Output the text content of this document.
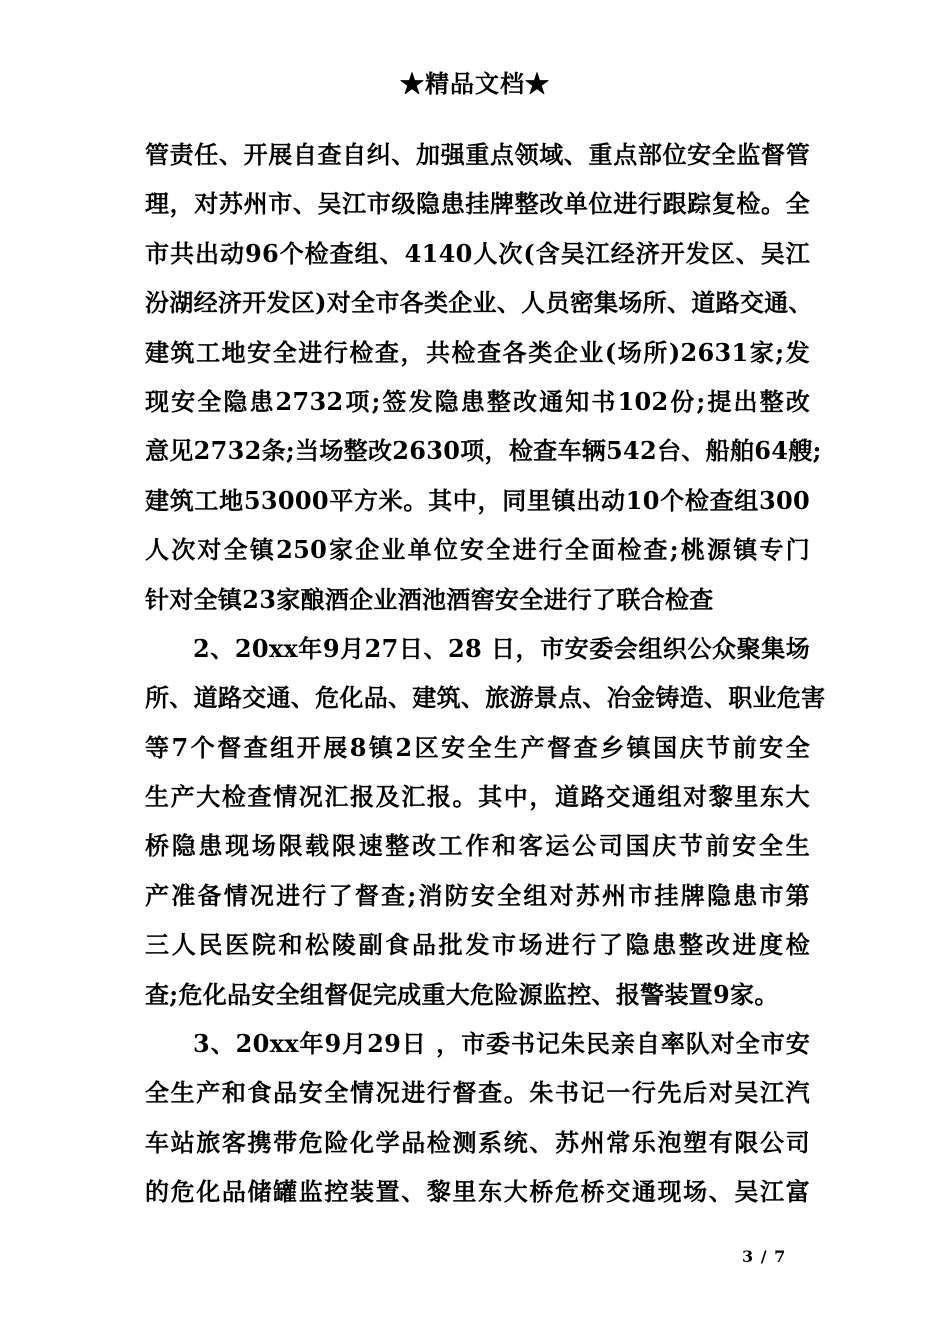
★精品文档★
管责任、开展自查自纠、加强重点领域、重点部位安全监督管
理，对苏州市、吴江市级隐患挂牌整改单位进行跟踪复检。全
市共出动96个检查组、4140人次(含吴江经济开发区、吴江
汾湖经济开发区)对全市各类企业、人员密集场所、道路交通、
建筑工地安全进行检查，共检查各类企业(场所)2631家;发
现安全隐患2732项;签发隐患整改通知书102份;提出整改
意见2732条;当场整改2630项，检查车辆542台、船舶64艘;
建筑工地53000平方米。其中，同里镇出动10个检查组300
人次对全镇250家企业单位安全进行全面检查;桃源镇专门
针对全镇23家酿酒企业酒池酒窖安全进行了联合检查
2、20xx年9月27日、28 日，市安委会组织公众聚集场
所、道路交通、危化品、建筑、旅游景点、冶金铸造、职业危害
等7个督查组开展8镇2区安全生产督查乡镇国庆节前安全
生产大检查情况汇报及汇报。其中，道路交通组对黎里东大
桥隐患现场限载限速整改工作和客运公司国庆节前安全生
产准备情况进行了督查;消防安全组对苏州市挂牌隐患市第
三人民医院和松陵副食品批发市场进行了隐患整改进度检
查;危化品安全组督促完成重大危险源监控、报警装置9家。
3、20xx年9月29日 ，市委书记朱民亲自率队对全市安
全生产和食品安全情况进行督查。朱书记一行先后对吴江汽
车站旅客携带危险化学品检测系统、苏州常乐泡塑有限公司
的危化品储罐监控装置、黎里东大桥危桥交通现场、吴江富
3 / 7
